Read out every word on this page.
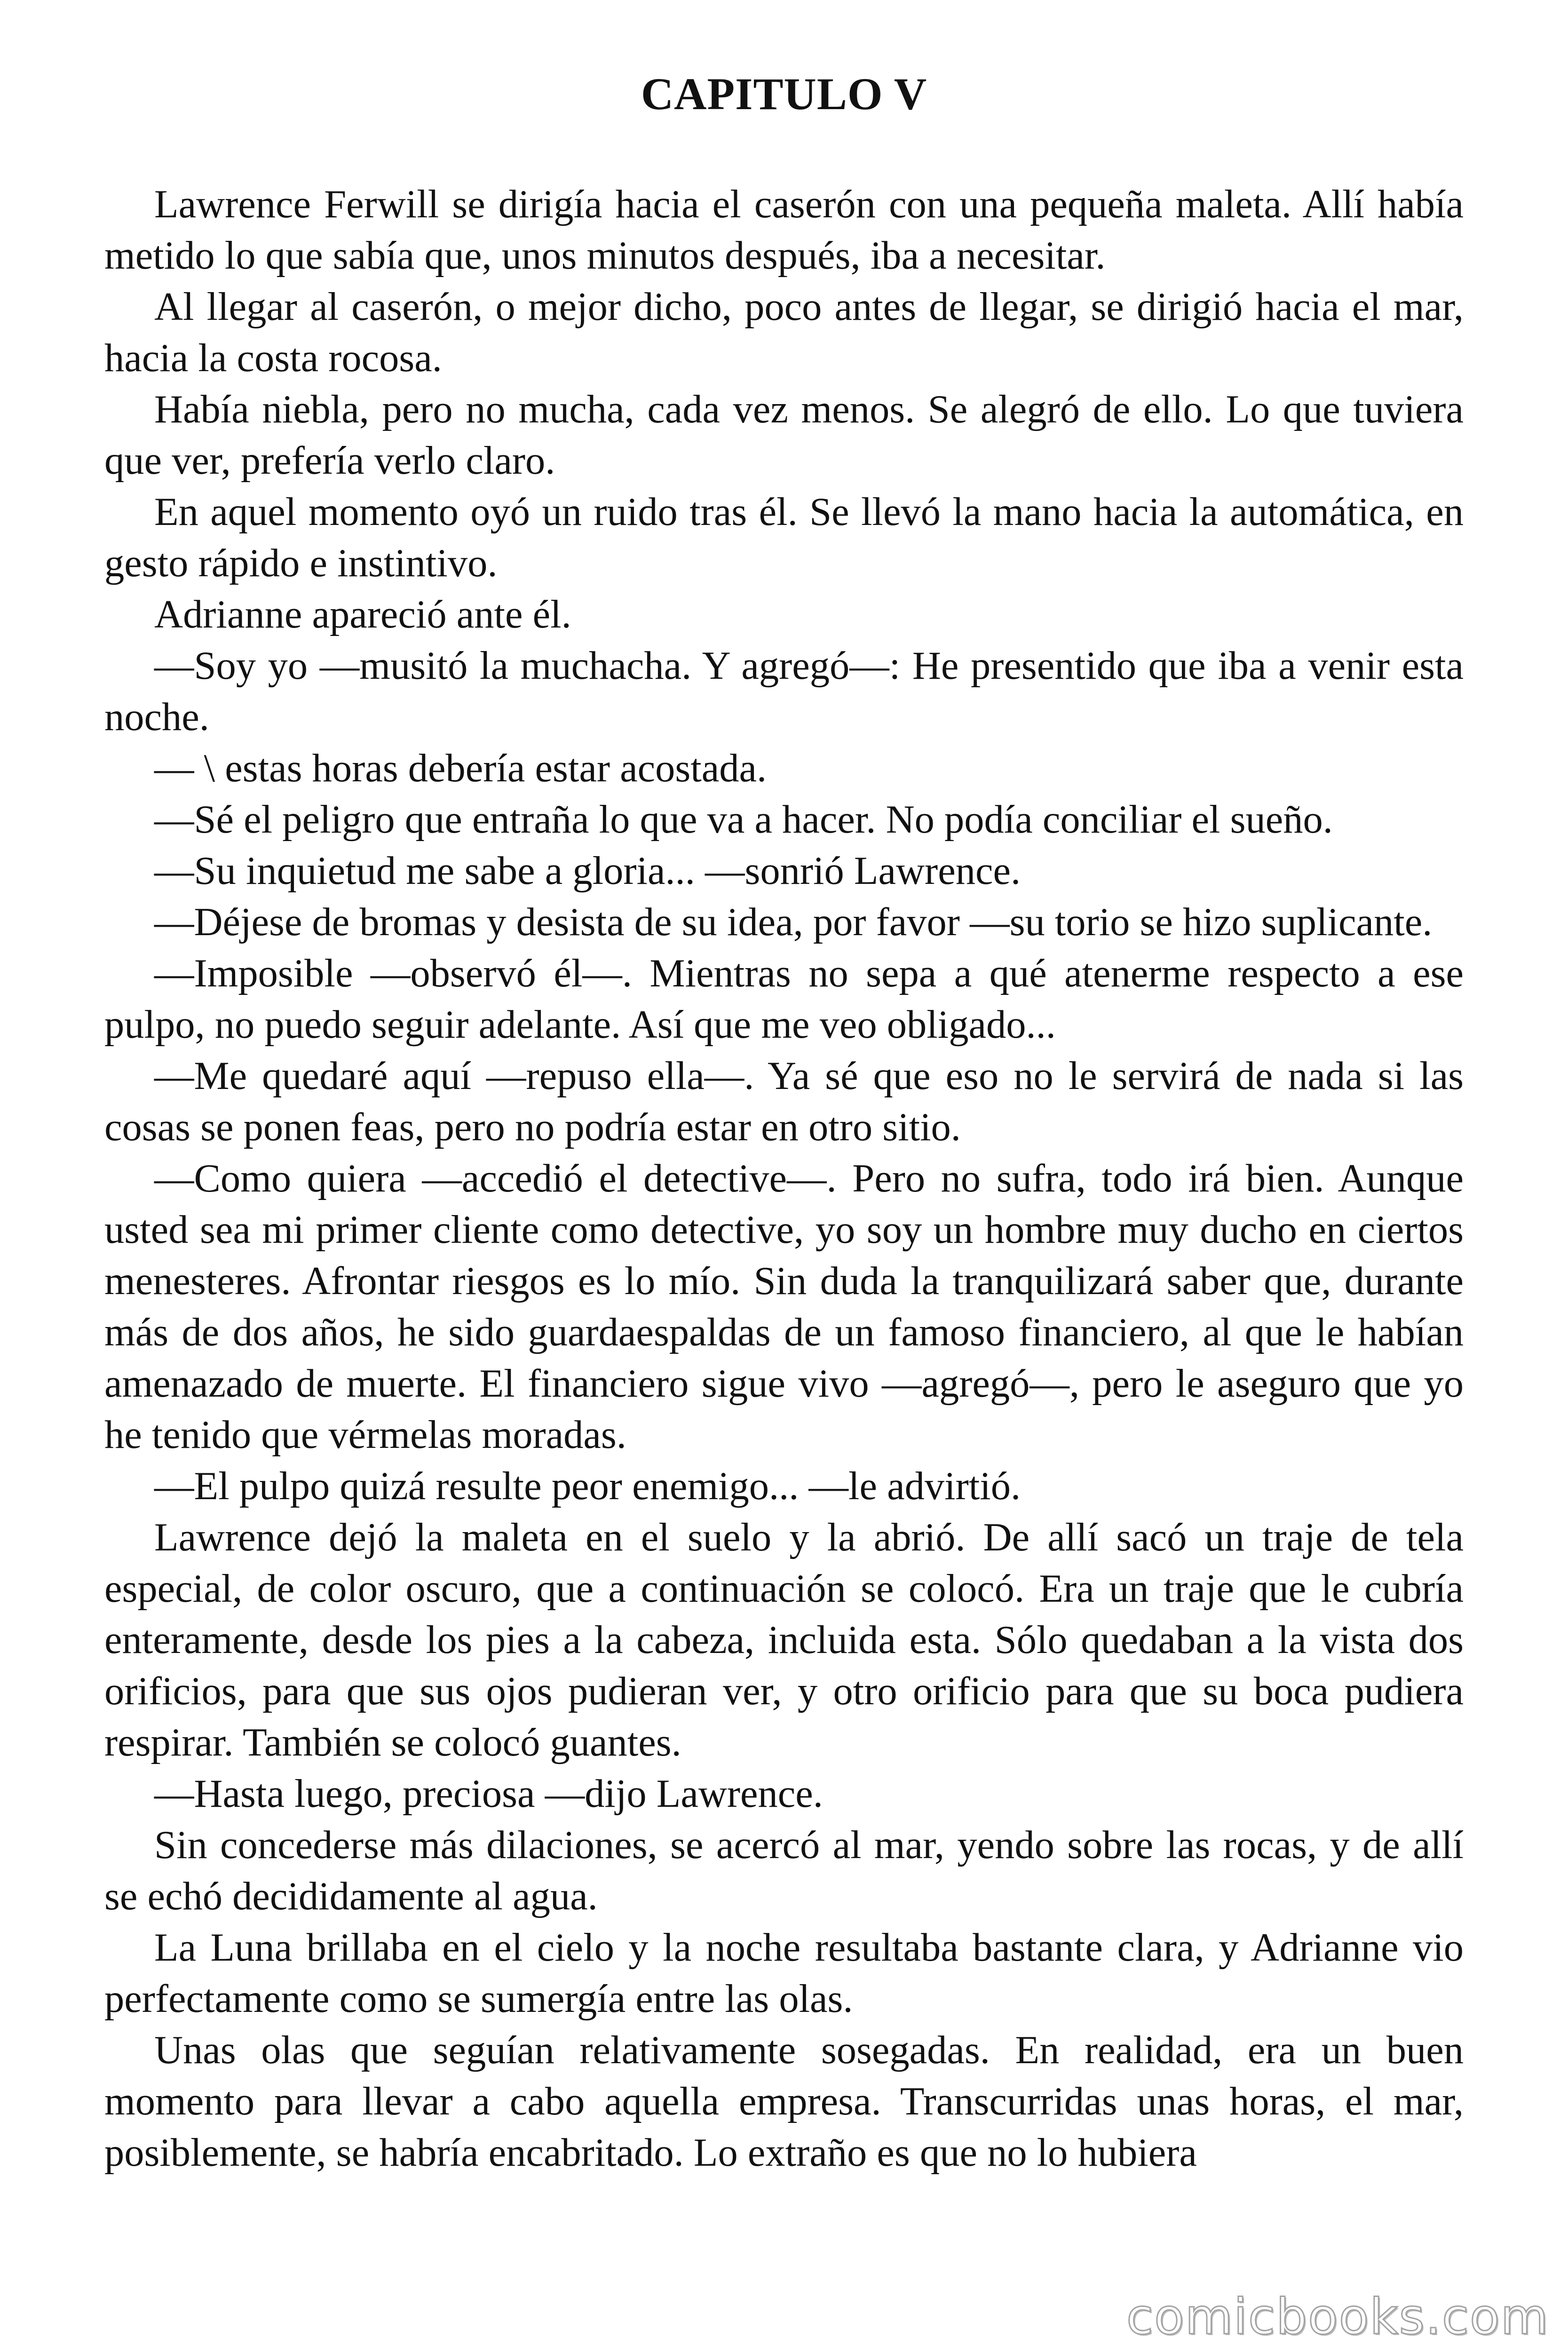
CAPITULO V

Lawrence Ferwill se dirigía hacia el caserón con una pequeña maleta. Allí había metido lo que sabía que, unos minutos después, iba a necesitar.

Al llegar al caserón, o mejor dicho, poco antes de llegar, se dirigió hacia el mar, hacia la costa rocosa.

Había niebla, pero no mucha, cada vez menos. Se alegró de ello. Lo que tuviera que ver, prefería verlo claro.

En aquel momento oyó un ruido tras él. Se llevó la mano hacia la automática, en gesto rápido e instintivo.

Adrianne apareció ante él.

—Soy yo —musitó la muchacha. Y agregó—: He presentido que iba a venir esta noche.

— \ estas horas debería estar acostada.

—Sé el peligro que entraña lo que va a hacer. No podía conciliar el sueño.

—Su inquietud me sabe a gloria... —sonrió Lawrence.

—Déjese de bromas y desista de su idea, por favor —su torio se hizo suplicante.

—Imposible —observó él—. Mientras no sepa a qué atenerme respecto a ese pulpo, no puedo seguir adelante. Así que me veo obligado...

—Me quedaré aquí —repuso ella—. Ya sé que eso no le servirá de nada si las cosas se ponen feas, pero no podría estar en otro sitio.

—Como quiera —accedió el detective—. Pero no sufra, todo irá bien. Aunque usted sea mi primer cliente como detective, yo soy un hombre muy ducho en ciertos menesteres. Afrontar riesgos es lo mío. Sin duda la tranquilizará saber que, durante más de dos años, he sido guardaespaldas de un famoso financiero, al que le habían amenazado de muerte. El financiero sigue vivo —agregó—, pero le aseguro que yo he tenido que vérmelas moradas.

—El pulpo quizá resulte peor enemigo... —le advirtió.

Lawrence dejó la maleta en el suelo y la abrió. De allí sacó un traje de tela especial, de color oscuro, que a continuación se colocó. Era un traje que le cubría enteramente, desde los pies a la cabeza, incluida esta. Sólo quedaban a la vista dos orificios, para que sus ojos pudieran ver, y otro orificio para que su boca pudiera respirar. También se colocó guantes.

—Hasta luego, preciosa —dijo Lawrence.

Sin concederse más dilaciones, se acercó al mar, yendo sobre las rocas, y de allí se echó decididamente al agua.

La Luna brillaba en el cielo y la noche resultaba bastante clara, y Adrianne vio perfectamente como se sumergía entre las olas.

Unas olas que seguían relativamente sosegadas. En realidad, era un buen momento para llevar a cabo aquella empresa. Transcurridas unas horas, el mar, posiblemente, se habría encabritado. Lo extraño es que no lo hubiera

comicbooks.com
